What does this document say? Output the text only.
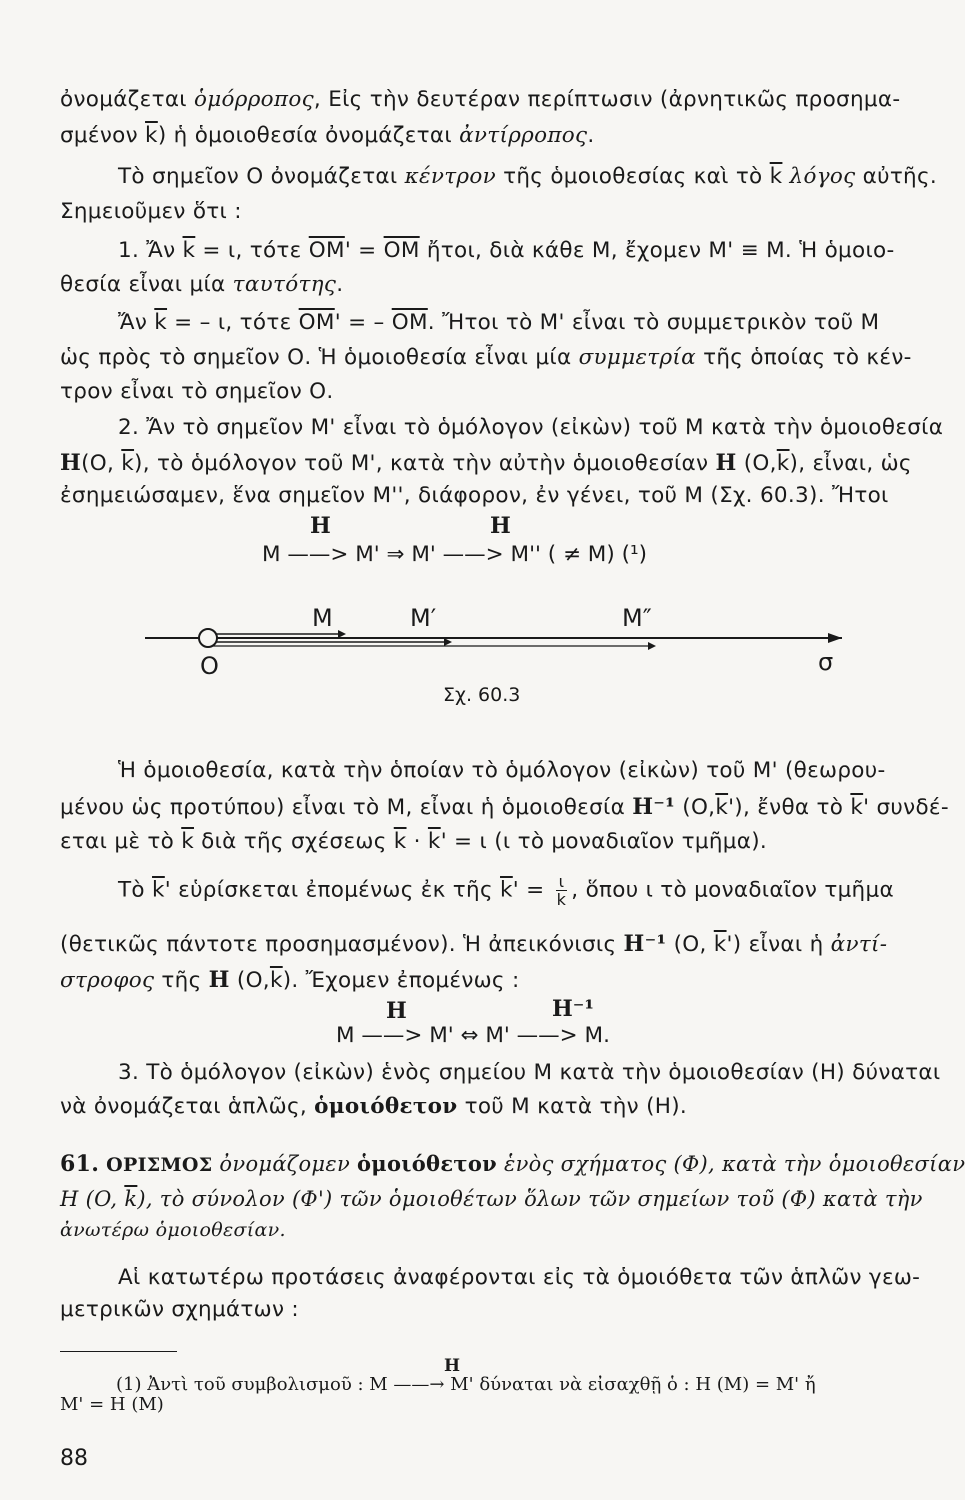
ὀνομάζεται ὁμόρροπος, Εἰς τὴν δευτέραν περίπτωσιν (ἀρνητικῶς προσημα-
σμένον $\overline{k}$) ἡ ὁμοιοθεσία ὀνομάζεται ἀντίρροπος.
Τὸ σημεῖον Ο ὀνομάζεται κέντρον τῆς ὁμοιοθεσίας καὶ τὸ $\overline{k}$ λόγος αὐτῆς.
Σημειοῦμεν ὅτι :
1. Ἄν $\overline{k} = \iota$, τότε $\overline{OM}' = \overline{OM}$ ἤτοι, διὰ κάθε Μ, ἔχομεν Μ' ≡ Μ. Ἡ ὁμοιο-
θεσία εἶναι μία ταυτότης.
Ἄν $\overline{k}$ = – ι, τότε $\overline{OM}'$ = – $\overline{OM}$. Ἤτοι τὸ Μ' εἶναι τὸ συμμετρικὸν τοῦ Μ
ὡς πρὸς τὸ σημεῖον Ο. Ἡ ὁμοιοθεσία εἶναι μία συμμετρία τῆς ὁποίας τὸ κέν-
τρον εἶναι τὸ σημεῖον Ο.
2. Ἄν τὸ σημεῖον Μ' εἶναι τὸ ὁμόλογον (εἰκὼν) τοῦ Μ κατὰ τὴν ὁμοιοθεσία
H(O, $\overline{k}$), τὸ ὁμόλογον τοῦ Μ', κατὰ τὴν αὐτὴν ὁμοιοθεσίαν H $(O,\overline{k})$, εἶναι, ὡς
ἐσημειώσαμεν, ἕνα σημεῖον Μ'', διάφορον, ἐν γένει, τοῦ Μ (Σχ. 60.3). Ἤτοι
H	H
Μ ——> Μ' ⇒ Μ' ——> Μ'' ( ≠ Μ) (¹)
M	M′	M″
O	σ
Σχ. 60.3
Ἡ ὁμοιοθεσία, κατὰ τὴν ὁποίαν τὸ ὁμόλογον (εἰκὼν) τοῦ Μ' (θεωρου-
μένου ὡς προτύπου) εἶναι τὸ Μ, εἶναι ἡ ὁμοιοθεσία H⁻¹ $(O,\overline{k}')$, ἔνθα τὸ $\overline{k}'$ συνδέ-
εται μὲ τὸ $\overline{k}$ διὰ τῆς σχέσεως $\overline{k} \cdot \overline{k}' = \iota$ (ι τὸ μοναδιαῖον τμῆμα).
Τὸ $\overline{k}'$ εὑρίσκεται ἐπομένως ἐκ τῆς $\overline{k}' = \frac{\iota}{k}$ , ὅπου ι τὸ μοναδιαῖον τμῆμα
(θετικῶς πάντοτε προσημασμένον). Ἡ ἀπεικόνισις H⁻¹ (O, $\overline{k}'$) εἶναι ἡ ἀντί-
στροφος τῆς H $(O,\overline{k})$. Ἔχομεν ἐπομένως :
H	H⁻¹
Μ ——> Μ' ⇔ Μ' ——> Μ.
3. Τὸ ὁμόλογον (εἰκὼν) ἑνὸς σημείου Μ κατὰ τὴν ὁμοιοθεσίαν (H) δύναται
νὰ ὀνομάζεται ἁπλῶς, ὁμοιόθετον τοῦ Μ κατὰ τὴν (H).
61. ΟΡΙΣΜΟΣ ὀνομάζομεν ὁμοιόθετον ἑνὸς σχήματος (Φ), κατὰ τὴν ὁμοιοθεσίαν
H (O, $\overline{k}$), τὸ σύνολον (Φ') τῶν ὁμοιοθέτων ὅλων τῶν σημείων τοῦ (Φ) κατὰ τὴν
ἀνωτέρω ὁμοιοθεσίαν.
Αἱ κατωτέρω προτάσεις ἀναφέρονται εἰς τὰ ὁμοιόθετα τῶν ἁπλῶν γεω-
μετρικῶν σχημάτων :
H
(1) Ἀντὶ τοῦ συμβολισμοῦ : Μ ——→ Μ' δύναται νὰ εἰσαχθῇ ὁ : H (M) = M' ἤ
M' = H (M)
88
